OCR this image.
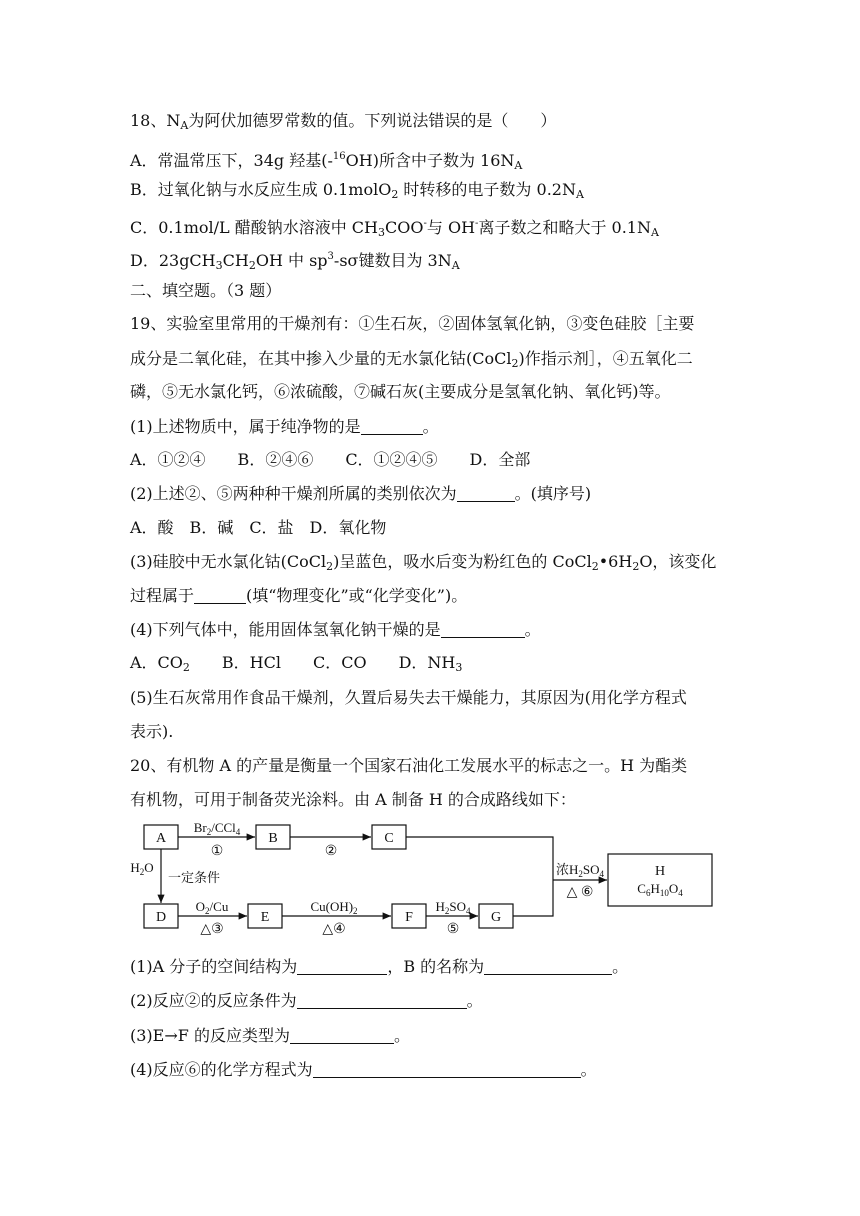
18、$N_A$为阿伏加德罗常数的值。下列说法错误的是（　　）
A．常温常压下，34g 羟基(-$^{16}$OH)所含中子数为 $16N_A$
B．过氧化钠与水反应生成 0.1molO$_2$ 时转移的电子数为 $0.2N_A$
C．0.1mol/L 醋酸钠水溶液中 $CH_3COO^-$与 OH-离子数之和略大于 $0.1N_A$
D．$23gCH_3CH_2OH$ 中 $sp^3-s\sigma$键数目为 $3N_A$
二、填空题。（3 题）
19、实验室里常用的干燥剂有：①生石灰，②固体氢氧化钠，③变色硅胶［主要
成分是二氧化硅，在其中掺入少量的无水氯化钴(CoCl$_2$)作指示剂］，④五氧化二
磷，⑤无水氯化钙，⑥浓硫酸，⑦碱石灰(主要成分是氢氧化钠、氧化钙)等。
(1)上述物质中，属于纯净物的是	。
A．①②④　　B．②④⑥　　C．①②④⑤　　D．全部
(2)上述②、⑤两种种干燥剂所属的类别依次为	。(填序号)
A．酸　B．碱　C．盐　D．氧化物
(3)硅胶中无水氯化钴(CoCl$_2$)呈蓝色，吸水后变为粉红色的 $CoCl_2•6H_2O$，该变化
过程属于	(填“物理变化”或“化学变化”)。
(4)下列气体中，能用固体氢氧化钠干燥的是	。
A．$CO_2$　　B．HCl　　C．CO　　D．$NH_3$
(5)生石灰常用作食品干燥剂，久置后易失去干燥能力，其原因为(用化学方程式
表示).
20、有机物 A 的产量是衡量一个国家石油化工发展水平的标志之一。H 为酯类
有机物，可用于制备荧光涂料。由 A 制备 H 的合成路线如下：
A	B	C
D	E	F	G
H
$C_6H_{10}O_4$
$Br_2/CCl_4$
①	②
$H_2O$
一定条件
$O_2/Cu$
△③
$Cu(OH)_2$
△④
$H_2SO_4$
⑤
浓$H_2SO_4$
△ ⑥
(1)A 分子的空间结构为	，B 的名称为	。
(2)反应②的反应条件为	。
(3)E→F 的反应类型为	。
(4)反应⑥的化学方程式为	。
